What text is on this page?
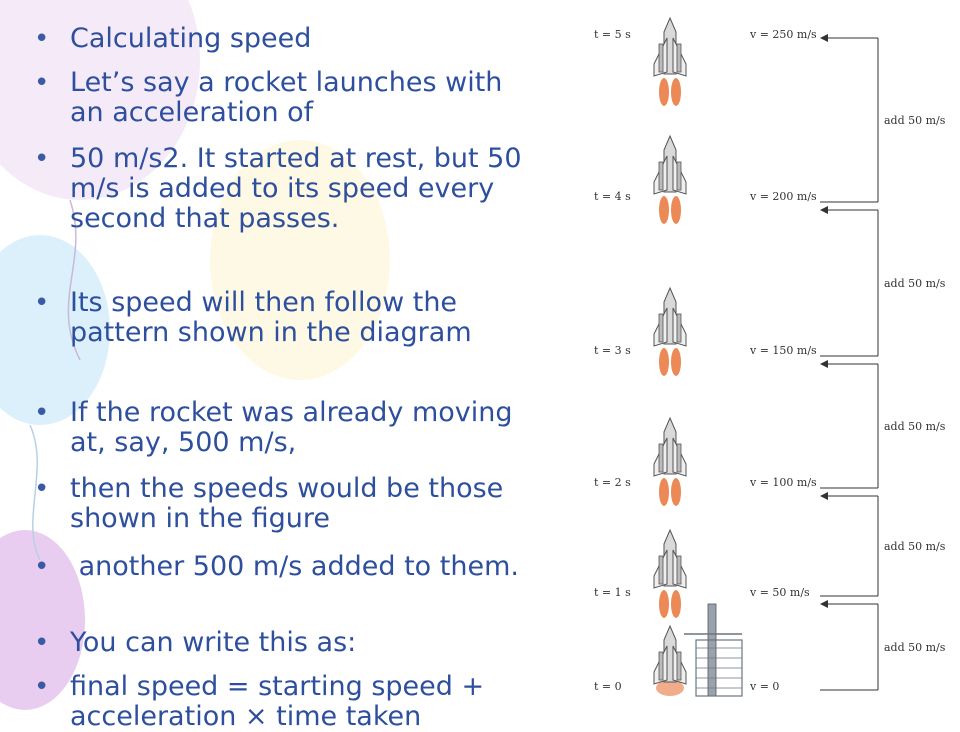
• Calculating speed
• Let’s say a rocket launches with an acceleration of
• 50 m/s2. It started at rest, but 50 m/s is added to its speed every second that passes.
• Its speed will then follow the pattern shown in the diagram
• If the rocket was already moving at, say, 500 m/s,
• then the speeds would be those shown in the figure
• another 500 m/s added to them.
• You can write this as:
• final speed = starting speed + acceleration × time taken
t = 5 s	v = 250 m/s
t = 4 s	v = 200 m/s
t = 3 s	v = 150 m/s
t = 2 s	v = 100 m/s
t = 1 s	v = 50 m/s
t = 0	v = 0
add 50 m/s
add 50 m/s
add 50 m/s
add 50 m/s
add 50 m/s
